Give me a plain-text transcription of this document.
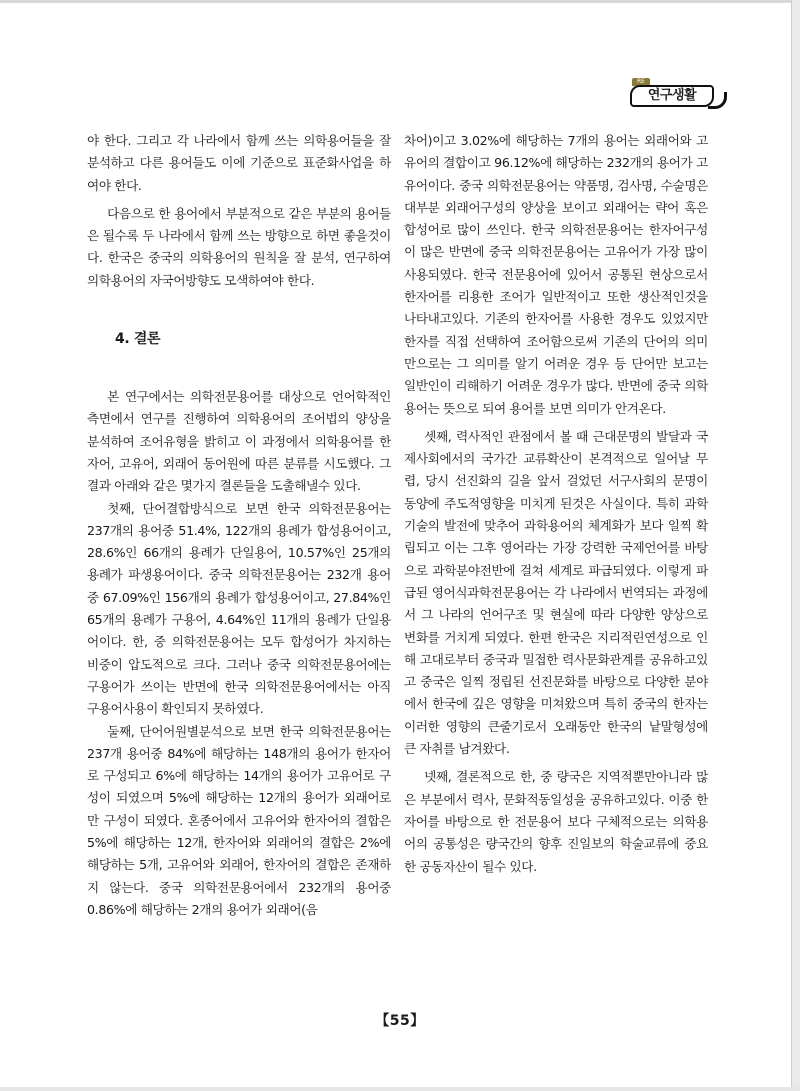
RE
연구생활

야 한다. 그리고 각 나라에서 함께 쓰는 의학용어들을 잘 분석하고 다른 용어들도 이에 기준으로 표준화사업을 하여야 한다.

다음으로 한 용어에서 부분적으로 같은 부분의 용어들은 될수록 두 나라에서 함께 쓰는 방향으로 하면 좋을것이다. 한국은 중국의 의학용어의 원칙을 잘 분석, 연구하여 의학용어의 자국어방향도 모색하여야 한다.

4. 결론

본 연구에서는 의학전문용어를 대상으로 언어학적인 측면에서 연구를 진행하여 의학용어의 조어법의 양상을 분석하여 조어유형을 밝히고 이 과정에서 의학용어를 한자어, 고유어, 외래어 동어원에 따른 분류를 시도했다. 그 결과 아래와 같은 몇가지 결론들을 도출해낼수 있다.

첫째, 단어결합방식으로 보면 한국 의학전문용어는 237개의 용어중 51.4%, 122개의 용례가 합성용어이고, 28.6%인 66개의 용례가 단일용어, 10.57%인 25개의 용례가 파생용어이다. 중국 의학전문용어는 232개 용어중 67.09%인 156개의 용례가 합성용어이고, 27.84%인 65개의 용례가 구용어, 4.64%인 11개의 용례가 단일용어이다. 한, 중 의학전문용어는 모두 합성어가 차지하는 비중이 압도적으로 크다. 그러나 중국 의학전문용어에는 구용어가 쓰이는 반면에 한국 의학전문용어에서는 아직 구용어사용이 확인되지 못하였다.

둘째, 단어어원별분석으로 보면 한국 의학전문용어는 237개 용어중 84%에 해당하는 148개의 용어가 한자어로 구성되고 6%에 해당하는 14개의 용어가 고유어로 구성이 되였으며 5%에 해당하는 12개의 용어가 외래어로만 구성이 되였다. 혼종어에서 고유어와 한자어의 결합은 5%에 해당하는 12개, 한자어와 외래어의 결합은 2%에 해당하는 5개, 고유어와 외래어, 한자어의 결합은 존재하지 않는다. 중국 의학전문용어에서 232개의 용어중 0.86%에 해당하는 2개의 용어가 외래어(음

차어)이고 3.02%에 해당하는 7개의 용어는 외래어와 고유어의 결합이고 96.12%에 해당하는 232개의 용어가 고유어이다. 중국 의학전문용어는 약품명, 검사명, 수술명은 대부분 외래어구성의 양상을 보이고 외래어는 략어 혹은 합성어로 많이 쓰인다. 한국 의학전문용어는 한자어구성이 많은 반면에 중국 의학전문용어는 고유어가 가장 많이 사용되였다. 한국 전문용어에 있어서 공통된 현상으로서 한자어를 리용한 조어가 일반적이고 또한 생산적인것을 나타내고있다. 기존의 한자어를 사용한 경우도 있었지만 한자를 직접 선택하여 조어함으로써 기존의 단어의 의미만으로는 그 의미를 알기 어려운 경우 등 단어만 보고는 일반인이 리해하기 어려운 경우가 많다. 반면에 중국 의학용어는 뜻으로 되여 용어를 보면 의미가 안겨온다.

셋째, 력사적인 관점에서 볼 때 근대문명의 발달과 국제사회에서의 국가간 교류확산이 본격적으로 일어날 무렵, 당시 선진화의 길을 앞서 걸었던 서구사회의 문명이 동양에 주도적영향을 미치게 된것은 사실이다. 특히 과학기술의 발전에 맞추어 과학용어의 체계화가 보다 일찍 확립되고 이는 그후 영어라는 가장 강력한 국제언어를 바탕으로 과학분야전반에 걸쳐 세계로 파급되였다. 이렇게 파급된 영어식과학전문용어는 각 나라에서 번역되는 과정에서 그 나라의 언어구조 및 현실에 따라 다양한 양상으로 변화를 거치게 되였다. 한편 한국은 지리적린연성으로 인해 고대로부터 중국과 밀접한 력사문화관계를 공유하고있고 중국은 일찍 정립된 선진문화를 바탕으로 다양한 분야에서 한국에 깊은 영향을 미쳐왔으며 특히 중국의 한자는 이러한 영향의 큰줄기로서 오래동안 한국의 낱말형성에 큰 자취를 남겨왔다.

넷째, 결론적으로 한, 중 량국은 지역적뿐만아니라 많은 부분에서 력사, 문화적동일성을 공유하고있다. 이중 한자어를 바탕으로 한 전문용어 보다 구체적으로는 의학용어의 공통성은 량국간의 향후 진일보의 학술교류에 중요한 공동자산이 될수 있다.

【55】
